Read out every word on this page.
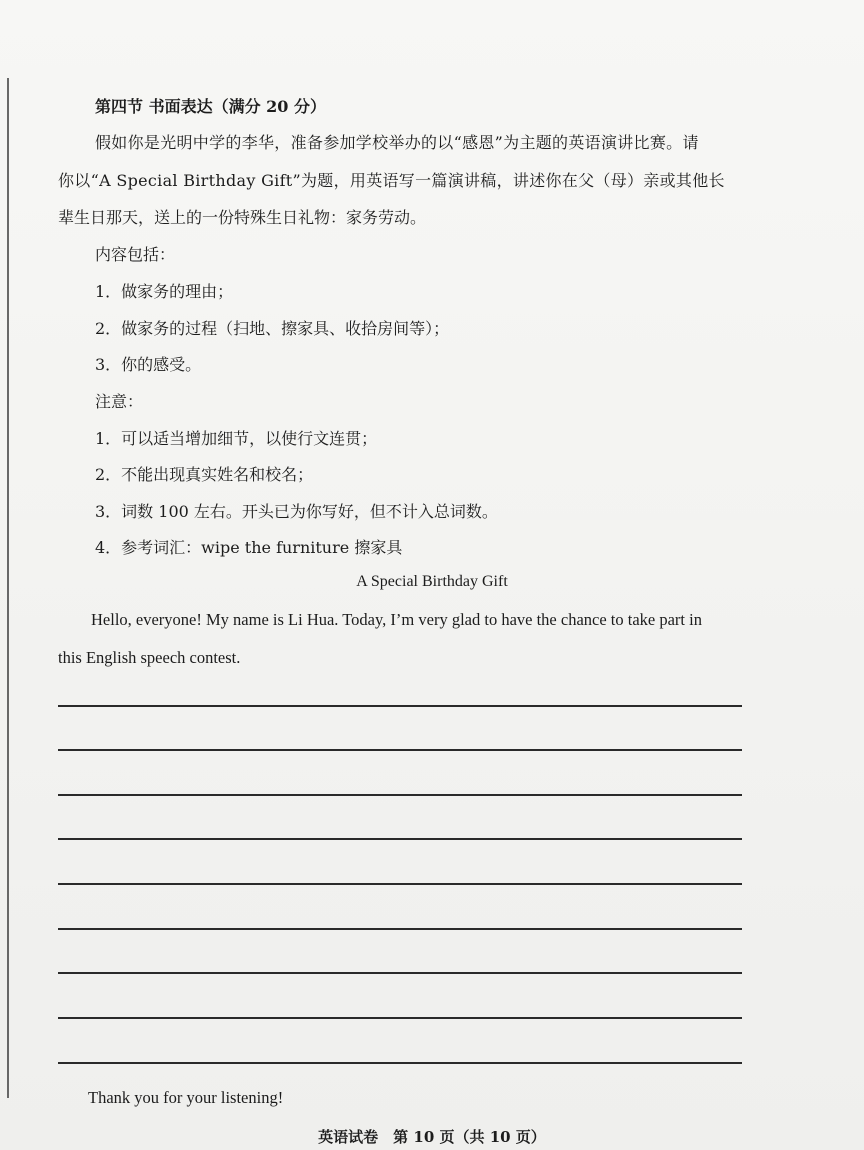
第四节 书面表达（满分 20 分）
假如你是光明中学的李华，准备参加学校举办的以“感恩”为主题的英语演讲比赛。请
你以“A Special Birthday Gift”为题，用英语写一篇演讲稿，讲述你在父（母）亲或其他长
辈生日那天，送上的一份特殊生日礼物：家务劳动。
内容包括：
1．做家务的理由；
2．做家务的过程（扫地、擦家具、收拾房间等）；
3．你的感受。
注意：
1．可以适当增加细节，以使行文连贯；
2．不能出现真实姓名和校名；
3．词数 100 左右。开头已为你写好，但不计入总词数。
4．参考词汇：wipe the furniture 擦家具
A Special Birthday Gift
Hello, everyone! My name is Li Hua. Today, I’m very glad to have the chance to take part in
this English speech contest.
Thank you for your listening!
英语试卷　第 10 页（共 10 页）
